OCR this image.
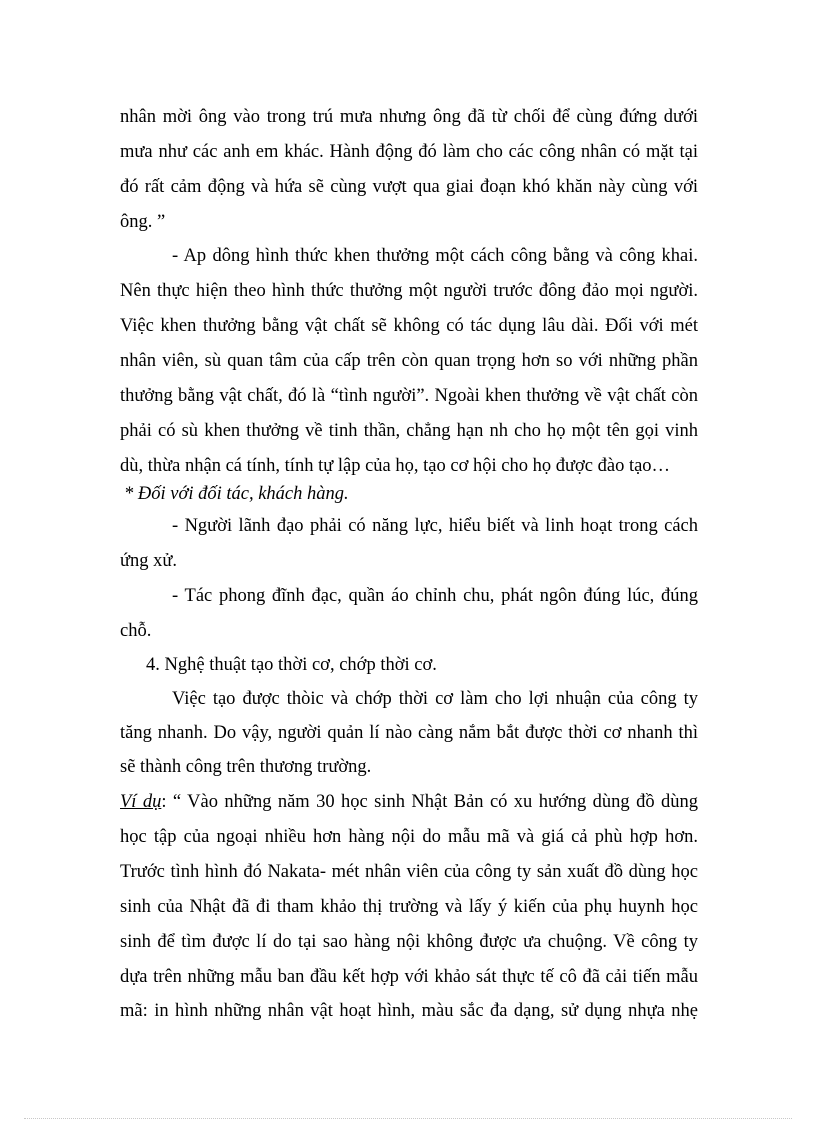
nhân mời ông vào trong trú mưa nhưng ông đã từ chối để cùng đứng dưới
mưa như các anh em khác. Hành động đó làm cho các công nhân có mặt tại
đó rất cảm động và hứa sẽ cùng vượt qua giai đoạn khó khăn này cùng với
ông. ”
- Ap dông hình thức khen thưởng một cách công bằng và công khai.
Nên thực hiện theo hình thức thưởng một người trước đông đảo mọi người.
Việc khen thưởng bằng vật chất sẽ không có tác dụng lâu dài. Đối với mét
nhân viên, sù quan tâm của cấp trên còn quan trọng hơn so với những phần
thưởng bằng vật chất, đó là “tình người”. Ngoài khen thưởng về vật chất còn
phải có sù khen thưởng về tinh thần, chẳng hạn nh cho họ một tên gọi vinh
dù, thừa nhận cá tính, tính tự lập của họ, tạo cơ hội cho họ được đào tạo…
* Đối với đối tác, khách hàng.
- Người lãnh đạo phải có năng lực, hiểu biết và linh hoạt trong cách
ứng xử.
- Tác phong đĩnh đạc, quần áo chỉnh chu, phát ngôn đúng lúc, đúng
chỗ.
4. Nghệ thuật tạo thời cơ, chớp thời cơ.
Việc tạo được thòic và chớp thời cơ làm cho lợi nhuận của công ty
tăng nhanh. Do vậy, người quản lí nào càng nắm bắt được thời cơ nhanh thì
sẽ thành công trên thương trường.
Ví dụ: “ Vào những năm 30 học sinh Nhật Bản có xu hướng dùng đồ dùng
học tập của ngoại nhiều hơn hàng nội do mẫu mã và giá cả phù hợp hơn.
Trước tình hình đó Nakata- mét nhân viên của công ty sản xuất đồ dùng học
sinh của Nhật đã đi tham khảo thị trường và lấy ý kiến của phụ huynh học
sinh để tìm được lí do tại sao hàng nội không được ưa chuộng. Về công ty
dựa trên những mẫu ban đầu kết hợp với khảo sát thực tế cô đã cải tiến mẫu
mã: in hình những nhân vật hoạt hình, màu sắc đa dạng, sử dụng nhựa nhẹ
